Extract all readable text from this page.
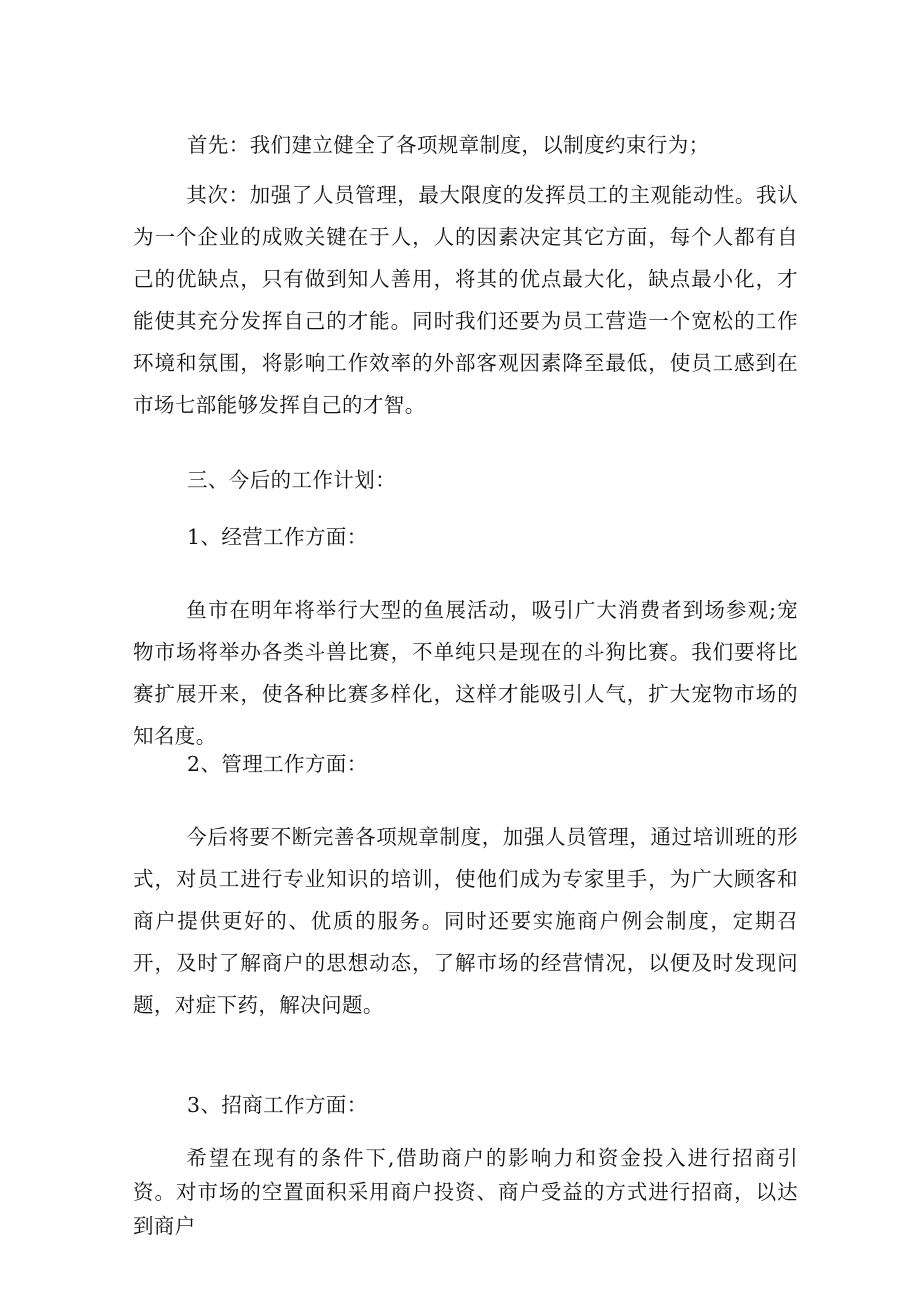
首先：我们建立健全了各项规章制度，以制度约束行为；

其次：加强了人员管理，最大限度的发挥员工的主观能动性。我认为一个企业的成败关键在于人，人的因素决定其它方面，每个人都有自己的优缺点，只有做到知人善用，将其的优点最大化，缺点最小化，才能使其充分发挥自己的才能。同时我们还要为员工营造一个宽松的工作环境和氛围，将影响工作效率的外部客观因素降至最低，使员工感到在市场七部能够发挥自己的才智。

三、今后的工作计划：

1、经营工作方面：

鱼市在明年将举行大型的鱼展活动，吸引广大消费者到场参观;宠物市场将举办各类斗兽比赛，不单纯只是现在的斗狗比赛。我们要将比赛扩展开来，使各种比赛多样化，这样才能吸引人气，扩大宠物市场的知名度。

2、管理工作方面：

今后将要不断完善各项规章制度，加强人员管理，通过培训班的形式，对员工进行专业知识的培训，使他们成为专家里手，为广大顾客和商户提供更好的、优质的服务。同时还要实施商户例会制度，定期召开，及时了解商户的思想动态，了解市场的经营情况，以便及时发现问题，对症下药，解决问题。

3、招商工作方面：

希望在现有的条件下,借助商户的影响力和资金投入进行招商引资。对市场的空置面积采用商户投资、商户受益的方式进行招商，以达到商户
